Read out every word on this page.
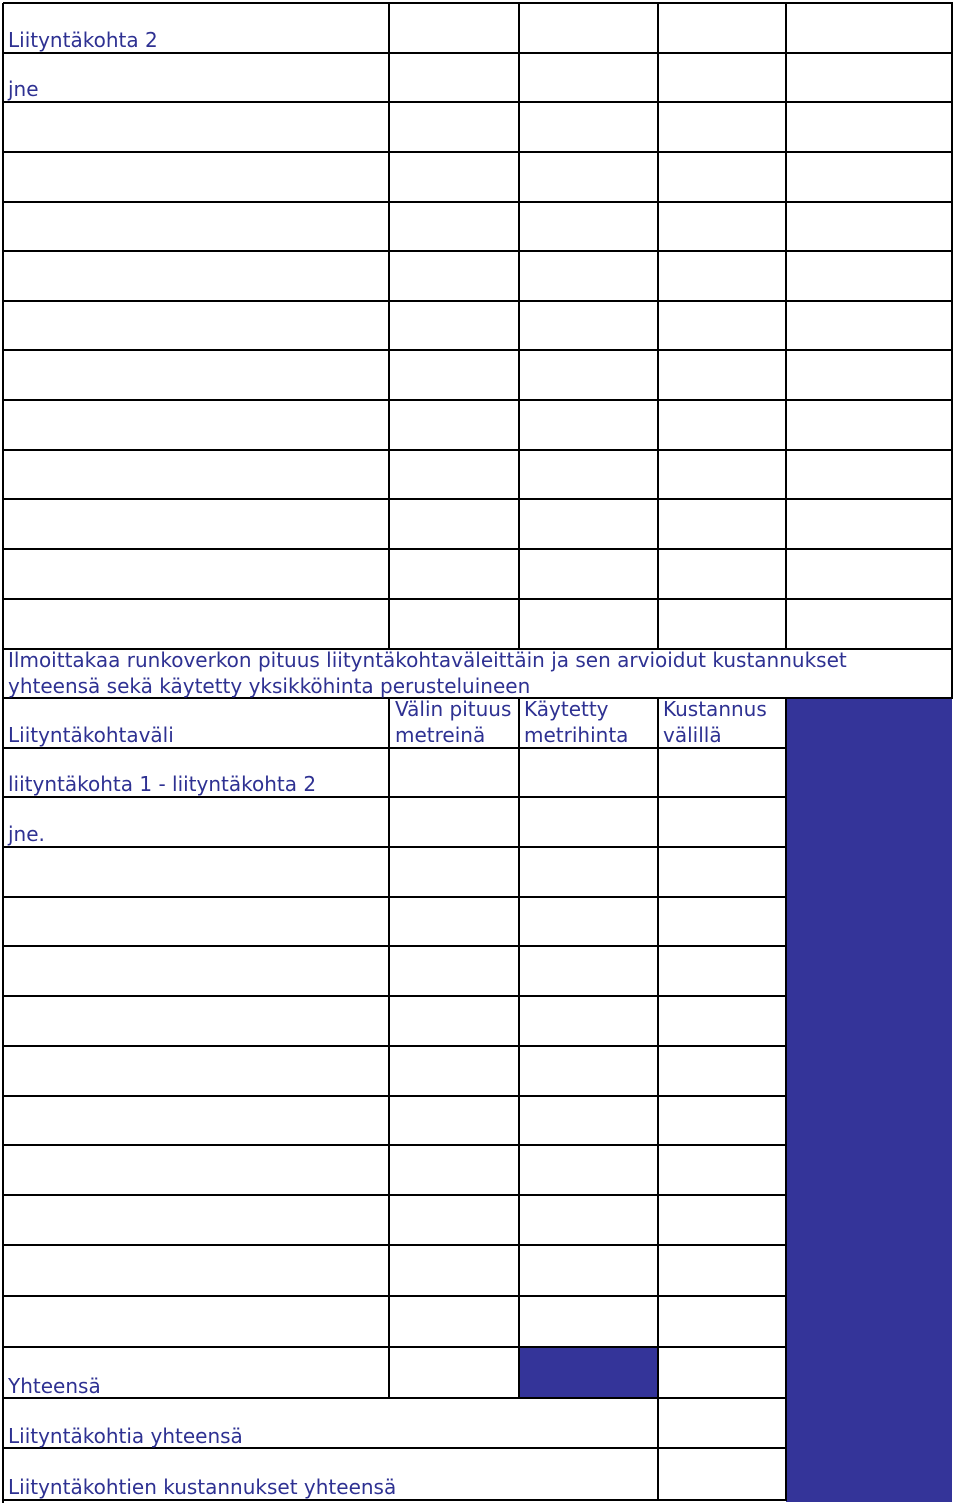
Liityntäkohta 2
jne
Ilmoittakaa runkoverkon pituus liityntäkohtaväleittäin ja sen arvioidut kustannukset
yhteensä sekä käytetty yksikköhinta perusteluineen
Liityntäkohtaväli
Välin pituus
metreinä
Käytetty
metrihinta
Kustannus
välillä
liityntäkohta 1 - liityntäkohta 2
jne.
Yhteensä
Liityntäkohtia yhteensä
Liityntäkohtien kustannukset yhteensä
